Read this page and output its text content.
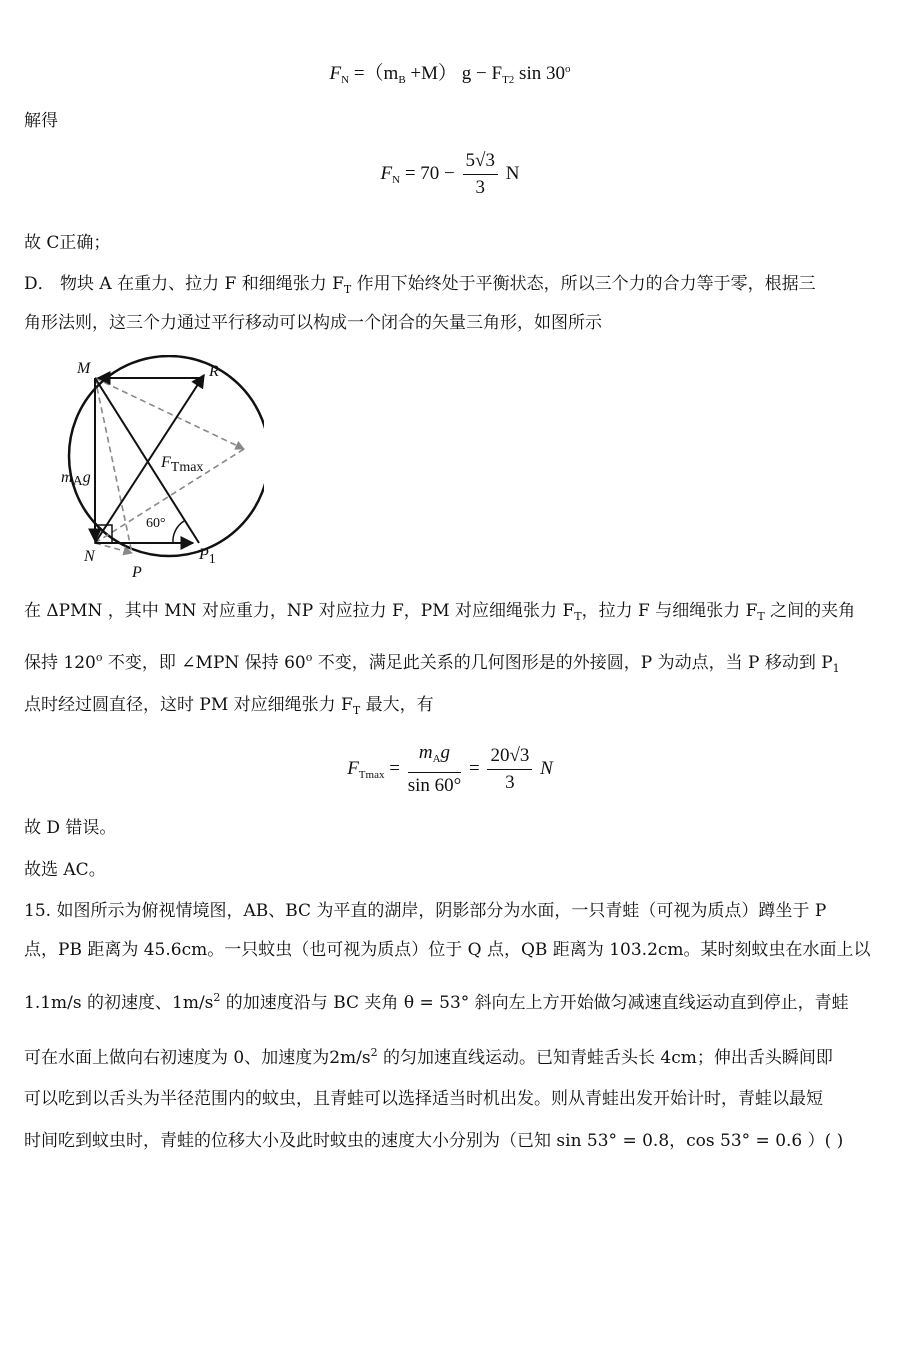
$F_N =(m_B +M) g - F_{T2}$ sin 30$^o$
解得
$F_N = 70 - \frac{5√3}{3}$ N
故 C正确；
D． 物块 A 在重力、拉力 F 和细绳张力 $F_T$ 作用下始终处于平衡状态，所以三个力的合力等于零，根据三
角形法则，这三个力通过平行移动可以构成一个闭合的矢量三角形，如图所示
M	R
N
P
P1
mAg
FTmax
60°
在 ΔPMN ，其中 MN 对应重力，NP 对应拉力 F，PM 对应细绳张力 $F_T$，拉力 F 与细绳张力 $F_T$ 之间的夹角
保持 120$^o$ 不变，即 ∠MPN 保持 60$^o$ 不变，满足此关系的几何图形是的外接圆，P 为动点，当 P 移动到 $P_1$
点时经过圆直径，这时 PM 对应细绳张力 $F_T$ 最大，有
$F_{Tmax} = \frac{m_Ag}{\sin 60^\circ} = \frac{20√3}{3}$ N
故 D 错误。
故选 AC。
15. 如图所示为俯视情境图，AB、BC 为平直的湖岸，阴影部分为水面，一只青蛙（可视为质点）蹲坐于 P
点，PB 距离为 45.6cm。一只蚊虫（也可视为质点）位于 Q 点，QB 距离为 103.2cm。某时刻蚊虫在水面上以
1.1m/s 的初速度、$1m/s^2$ 的加速度沿与 BC 夹角 θ = 53° 斜向左上方开始做匀减速直线运动直到停止，青蛙
可在水面上做向右初速度为 0、加速度为$2m/s^2$ 的匀加速直线运动。已知青蛙舌头长 4cm；伸出舌头瞬间即
可以吃到以舌头为半径范围内的蚊虫，且青蛙可以选择适当时机出发。则从青蛙出发开始计时，青蛙以最短
时间吃到蚊虫时，青蛙的位移大小及此时蚊虫的速度大小分别为（已知 sin 53° = 0.8，cos 53° = 0.6 ）( )
